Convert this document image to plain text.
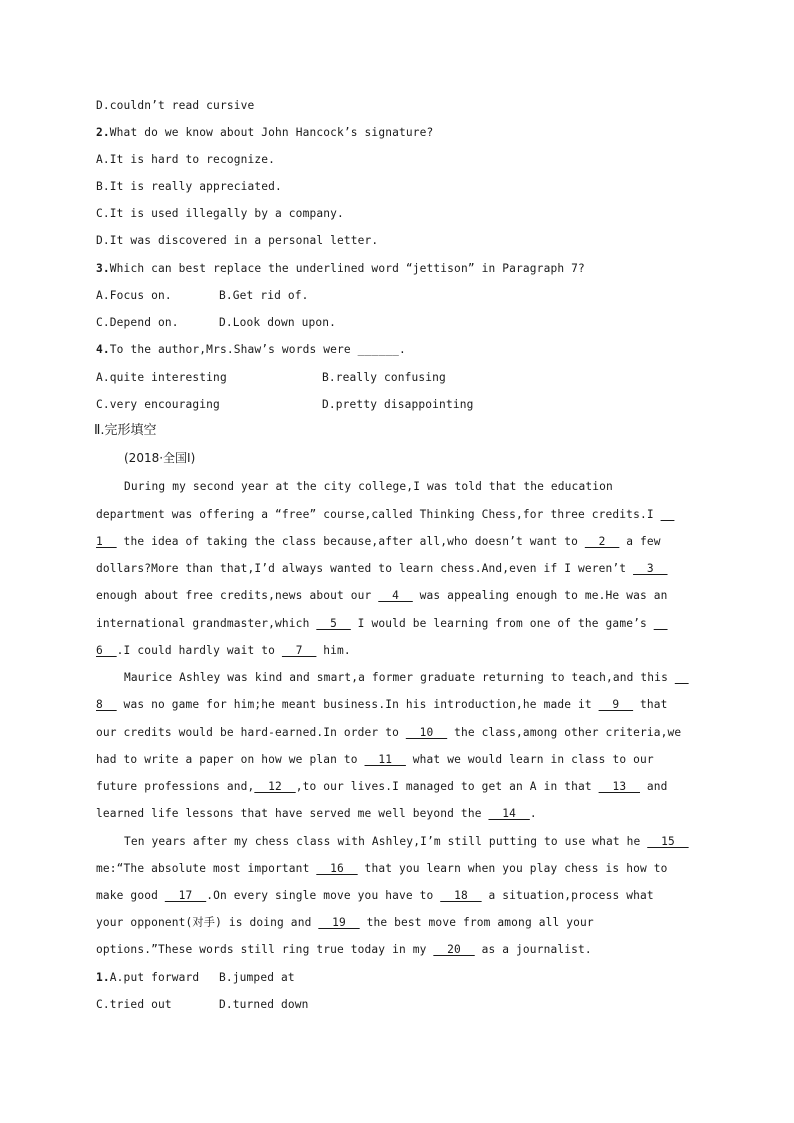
D.couldn’t read cursive
2.What do we know about John Hancock’s signature?
A.It is hard to recognize.
B.It is really appreciated.
C.It is used illegally by a company.
D.It was discovered in a personal letter.
3.Which can best replace the underlined word “jettison” in Paragraph 7?
A.Focus on.	B.Get rid of.
C.Depend on.	D.Look down upon.
4.To the author,Mrs.Shaw’s words were ______.
A.quite interesting	B.really confusing
C.very encouraging	D.pretty disappointing
Ⅱ.完形填空
(2018·全国Ⅰ)
During my second year at the city college,I was told that the education
department was offering a “free” course,called Thinking Chess,for three credits.I __
1__ the idea of taking the class because,after all,who doesn’t want to __2__ a few
dollars?More than that,I’d always wanted to learn chess.And,even if I weren’t __3__
enough about free credits,news about our __4__ was appealing enough to me.He was an
international grandmaster,which __5__ I would be learning from one of the game’s __
6__.I could hardly wait to __7__ him.
Maurice Ashley was kind and smart,a former graduate returning to teach,and this __
8__ was no game for him;he meant business.In his introduction,he made it __9__ that
our credits would be hard-earned.In order to __10__ the class,among other criteria,we
had to write a paper on how we plan to __11__ what we would learn in class to our
future professions and,__12__,to our lives.I managed to get an A in that __13__ and
learned life lessons that have served me well beyond the __14__.
Ten years after my chess class with Ashley,I’m still putting to use what he __15__
me:“The absolute most important __16__ that you learn when you play chess is how to
make good __17__.On every single move you have to __18__ a situation,process what
your opponent(对手) is doing and __19__ the best move from among all your
options.”These words still ring true today in my __20__ as a journalist.
1.A.put forward B.jumped at
C.tried out	D.turned down
